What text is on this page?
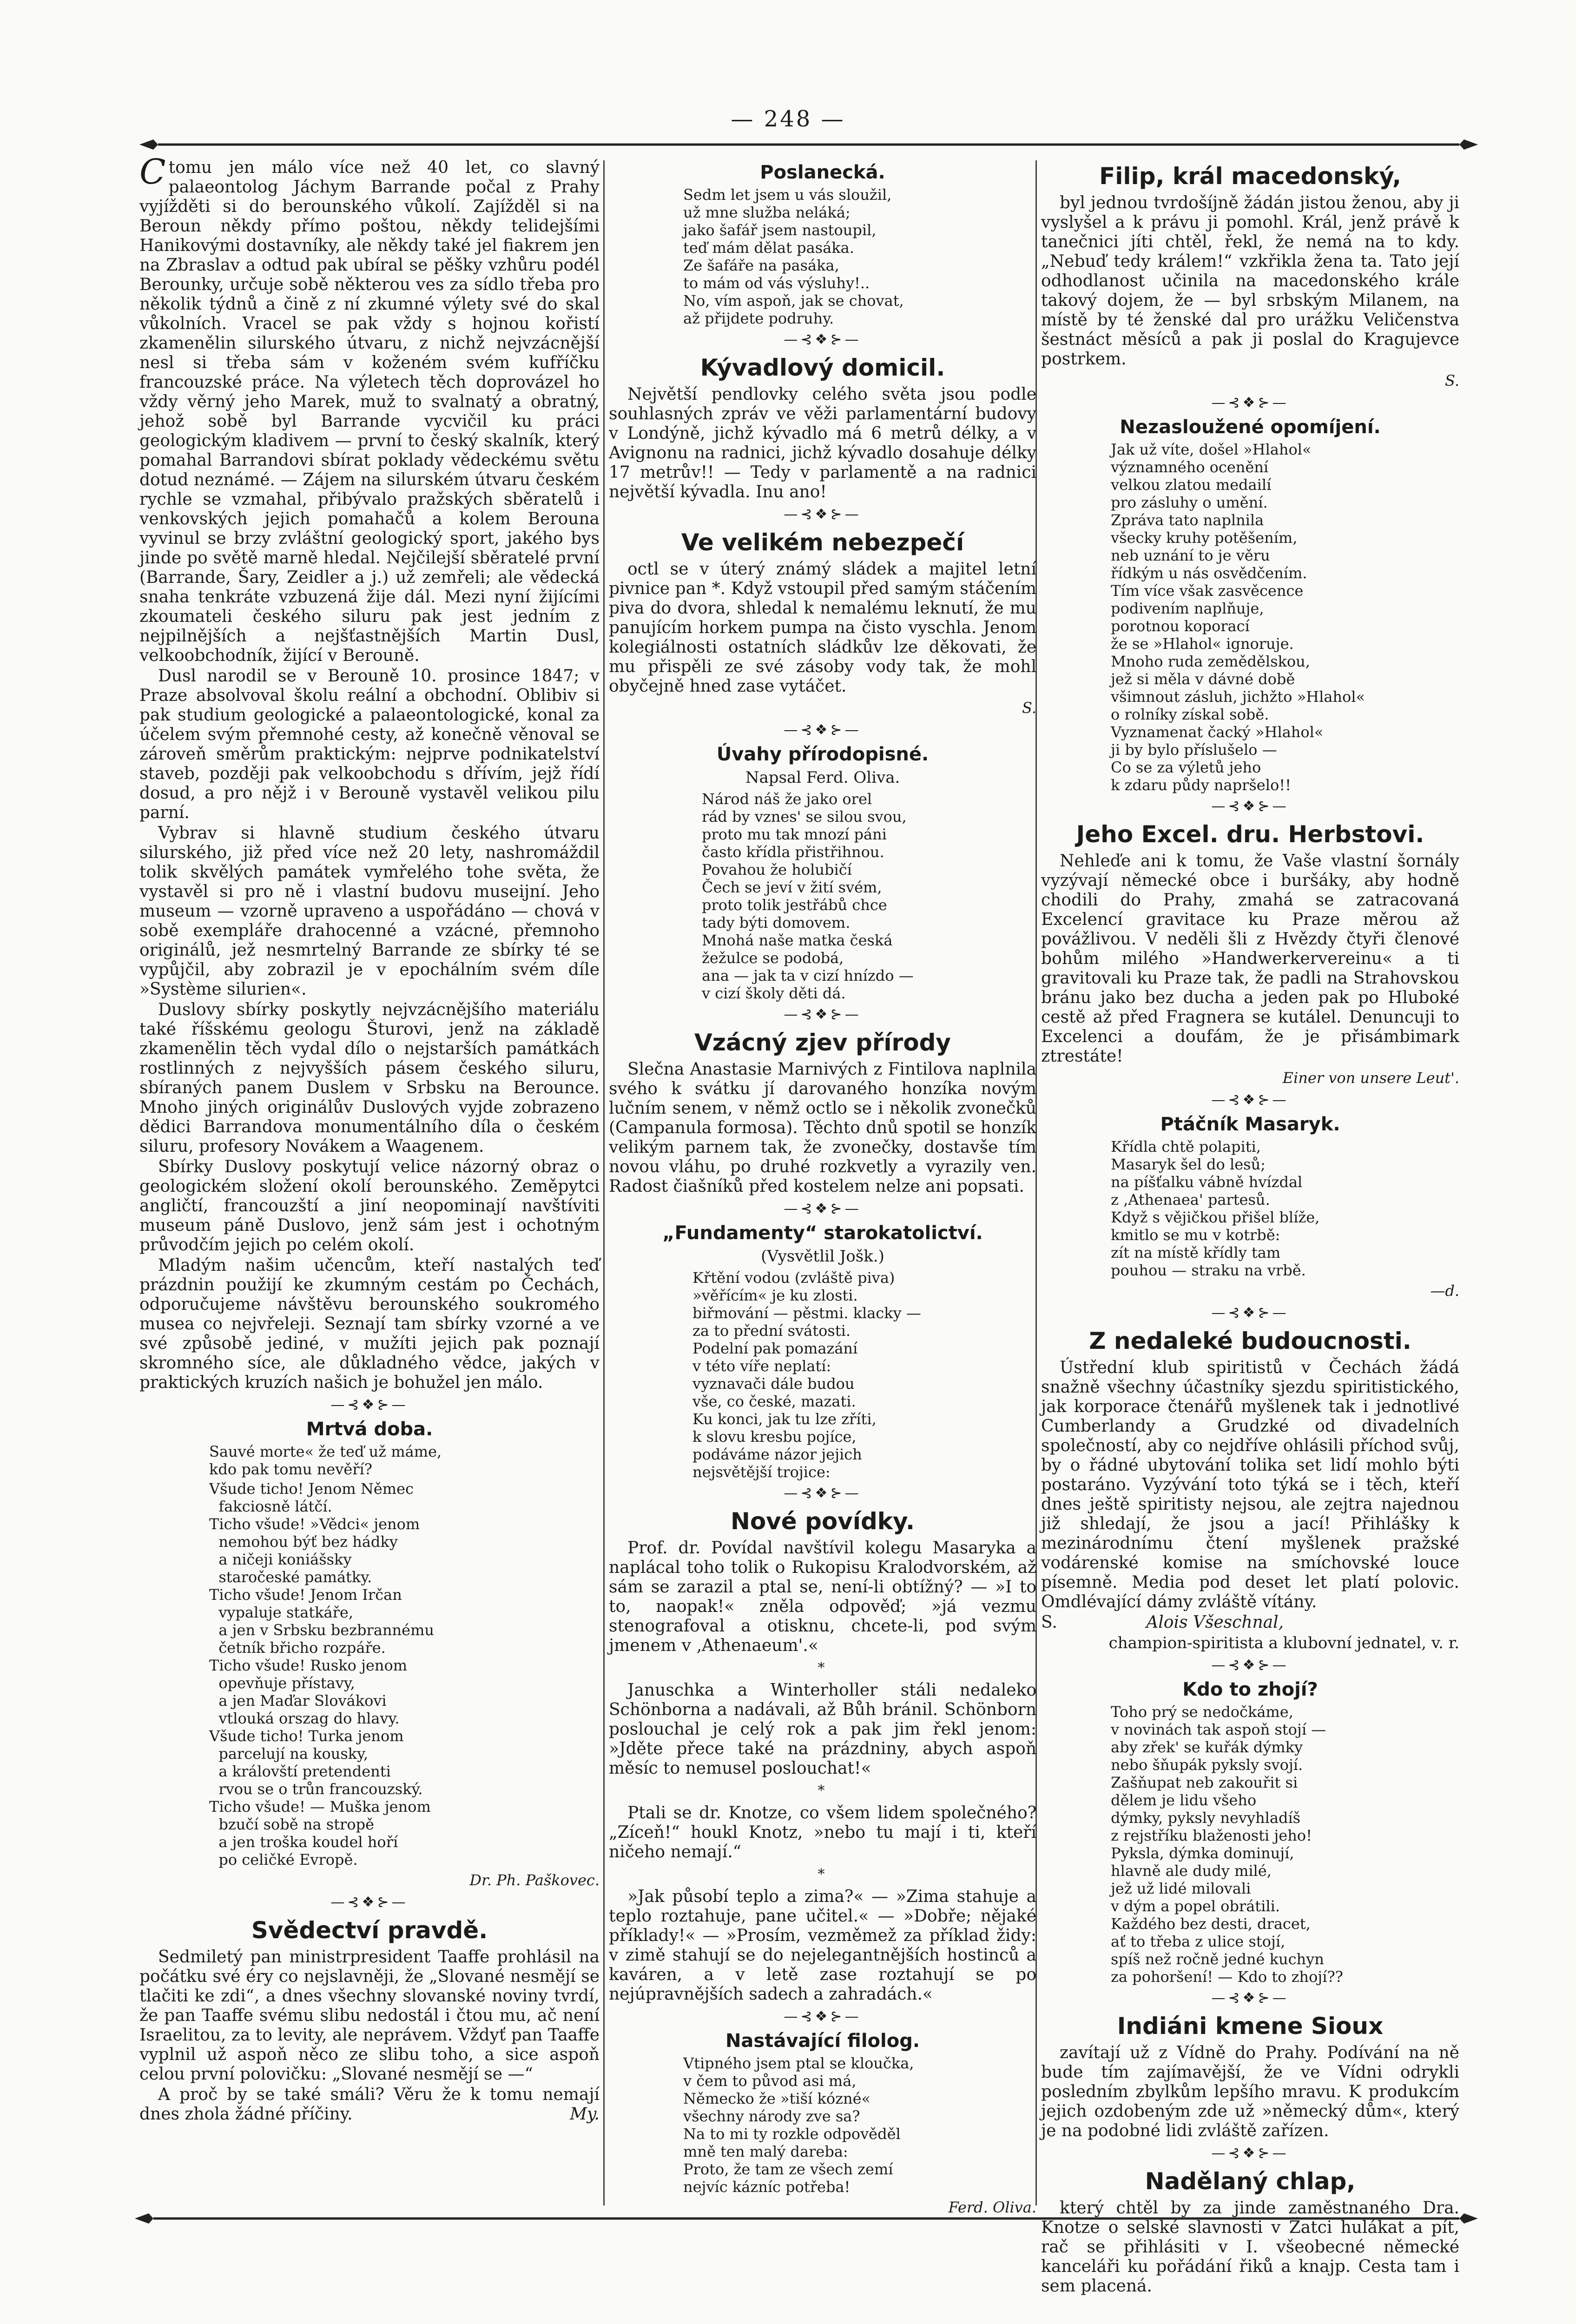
— 248 —

Ctomu jen málo více než 40 let, co slavný palaeontolog Jáchym Barrande počal z Prahy vyjížděti si do berounského vůkolí. Zajížděl si na Beroun někdy přímo poštou, někdy telidejšími Hanikovými dostavníky, ale někdy také jel fiakrem jen na Zbraslav a odtud pak ubíral se pěšky vzhůru podél Berounky, určuje sobě některou ves za sídlo třeba pro několik týdnů a čině z ní zkumné výlety své do skal vůkolních. Vracel se pak vždy s hojnou kořistí zkamenělin silurského útvaru, z nichž nejvzácnější nesl si třeba sám v koženém svém kufříčku francouzské práce. Na výletech těch doprovázel ho vždy věrný jeho Marek, muž to svalnatý a obratný, jehož sobě byl Barrande vycvičil ku práci geologickým kladivem — první to český skalník, který pomahal Barrandovi sbírat poklady vědeckému světu dotud neznámé. — Zájem na silurském útvaru českém rychle se vzmahal, přibývalo pražských sběratelů i venkovských jejich pomahačů a kolem Berouna vyvinul se brzy zvláštní geologický sport, jakého bys jinde po světě marně hledal. Nejčilejší sběratelé první (Barrande, Šary, Zeidler a j.) už zemřeli; ale vědecká snaha tenkráte vzbuzená žije dál. Mezi nyní žijícími zkoumateli českého siluru pak jest jedním z nejpilnějších a nejšťastnějších Martin Dusl, velkoobchodník, žijící v Berouně.

Dusl narodil se v Berouně 10. prosince 1847; v Praze absolvoval školu reální a obchodní. Oblibiv si pak studium geologické a palaeontologické, konal za účelem svým přemnohé cesty, až konečně věnoval se zároveň směrům praktickým: nejprve podnikatelství staveb, později pak velkoobchodu s dřívím, jejž řídí dosud, a pro nějž i v Berouně vystavěl velikou pilu parní.

Vybrav si hlavně studium českého útvaru silurského, již před více než 20 lety, nashromáždil tolik skvělých památek vymřelého tohe světa, že vystavěl si pro ně i vlastní budovu museijní. Jeho museum — vzorně upraveno a uspořádáno — chová v sobě exempláře drahocenné a vzácné, přemnoho originálů, jež nesmrtelný Barrande ze sbírky té se vypůjčil, aby zobrazil je v epochálním svém díle »Système silurien«.

Duslovy sbírky poskytly nejvzácnějšího materiálu také říšskému geologu Šturovi, jenž na základě zkamenělin těch vydal dílo o nejstarších památkách rostlinných z nejvyšších pásem českého siluru, sbíraných panem Duslem v Srbsku na Berounce. Mnoho jiných originálův Duslových vyjde zobrazeno dědici Barrandova monumentálního díla o českém siluru, profesory Novákem a Waagenem.

Sbírky Duslovy poskytují velice názorný obraz o geologickém složení okolí berounského. Zeměpytci angličtí, francouzští a jiní neopominají navštíviti museum páně Duslovo, jenž sám jest i ochotným průvodčím jejich po celém okolí.

Mladým našim učencům, kteří nastalých teď prázdnin použijí ke zkumným cestám po Čechách, odporučujeme návštěvu berounského soukromého musea co nejvřeleji. Seznají tam sbírky vzorné a ve své způsobě jediné, v mužíti jejich pak poznají skromného síce, ale důkladného vědce, jakých v praktických kruzích našich je bohužel jen málo.

—⊰❖⊱—
Mrtvá doba.
Sauvé morte« že teď už máme,
kdo pak tomu nevěří?
Všude ticho! Jenom Němec
fakciosně látčí.
Ticho všude! »Vědci« jenom
nemohou býť bez hádky
a ničeji koniášsky
staročeské památky.
Ticho všude! Jenom Irčan
vypaluje statkáře,
a jen v Srbsku bezbrannému
četník břicho rozpáře.
Ticho všude! Rusko jenom
opevňuje přístavy,
a jen Maďar Slovákovi
vtlouká orszag do hlavy.
Všude ticho! Turka jenom
parcelují na kousky,
a královští pretendenti
rvou se o trůn francouzský.
Ticho všude! — Muška jenom
bzučí sobě na stropě
a jen troška koudel hoří
po celičké Evropě.
Dr. Ph. Paškovec.
—⊰❖⊱—
Svědectví pravdě.

Sedmiletý pan ministrpresident Taaffe prohlásil na počátku své éry co nejslavněji, že „Slované nesmějí se tlačiti ke zdi“, a dnes všechny slovanské noviny tvrdí, že pan Taaffe svému slibu nedostál i čtou mu, ač není Israelitou, za to levity, ale neprávem. Vždyť pan Taaffe vyplnil už aspoň něco ze slibu toho, a sice aspoň celou první polovičku: „Slované nesmějí se —“

A proč by se také smáli? Věru že k tomu nemají dnes zhola žádné příčiny.	My.

Poslanecká.
Sedm let jsem u vás sloužil,
už mne služba neláká;
jako šafář jsem nastoupil,
teď mám dělat pasáka.
Ze šafáře na pasáka,
to mám od vás výsluhy!..
No, vím aspoň, jak se chovat,
až přijdete podruhy.
—⊰❖⊱—
Kývadlový domicil.

Největší pendlovky celého světa jsou podle souhlasných zpráv ve věži parlamentární budovy v Londýně, jichž kývadlo má 6 metrů délky, a v Avignonu na radnici, jichž kývadlo dosahuje délky 17 metrův!! — Tedy v parlamentě a na radnici největší kývadla. Inu ano!

—⊰❖⊱—
Ve velikém nebezpečí

octl se v úterý známý sládek a majitel letní pivnice pan *. Když vstoupil před samým stáčením piva do dvora, shledal k nemalému leknutí, že mu panujícím horkem pumpa na čisto vyschla. Jenom kolegiálnosti ostatních sládkův lze děkovati, že mu přispěli ze své zásoby vody tak, že mohl obyčejně hned zase vytáčet.

S.
—⊰❖⊱—
Úvahy přírodopisné.
Napsal Ferd. Oliva.
Národ náš že jako orel
rád by vznes' se silou svou,
proto mu tak mnozí páni
často křídla přistřihnou.
Povahou že holubičí
Čech se jeví v žití svém,
proto tolik jestřábů chce
tady býti domovem.
Mnohá naše matka česká
žežulce se podobá,
ana — jak ta v cizí hnízdo —
v cizí školy děti dá.
—⊰❖⊱—
Vzácný zjev přírody

Slečna Anastasie Marnivých z Fintilova naplnila svého k svátku jí darovaného honzíka novým lučním senem, v němž octlo se i několik zvonečků (Campanula formosa). Těchto dnů spotil se honzík velikým parnem tak, že zvonečky, dostavše tím novou vláhu, po druhé rozkvetly a vyrazily ven. Radost čiašníků před kostelem nelze ani popsati.

—⊰❖⊱—
„Fundamenty“ starokatolictví.
(Vysvětlil Jošk.)
Křtění vodou (zvláště piva)
»věřícím« je ku zlosti.
biřmování — pěstmi. klacky —
za to přední svátosti.
Podelní pak pomazání
v této víře neplatí:
vyznavači dále budou
vše, co české, mazati.
Ku konci, jak tu lze zříti,
k slovu kresbu pojíce,
podáváme názor jejich
nejsvětější trojice:
—⊰❖⊱—
Nové povídky.

Prof. dr. Povídal navštívil kolegu Masaryka a naplácal toho tolik o Rukopisu Kralodvorském, až sám se zarazil a ptal se, není-li obtížný? — »I to to, naopak!« zněla odpověď; »já vezmu stenografoval a otisknu, chcete-li, pod svým jmenem v ‚Athenaeum'.«

*

Januschka a Winterholler stáli nedaleko Schönborna a nadávali, až Bůh bránil. Schönborn poslouchal je celý rok a pak jim řekl jenom: »Jděte přece také na prázdniny, abych aspoň měsíc to nemusel poslouchat!«

*

Ptali se dr. Knotze, co všem lidem společného? „Zíceň!“ houkl Knotz, »nebo tu mají i ti, kteří ničeho nemají.“

*

»Jak působí teplo a zima?« — »Zima stahuje a teplo roztahuje, pane učitel.« — »Dobře; nějaké příklady!« — »Prosím, vezměmež za příklad židy: v zimě stahují se do nejelegantnějších hostinců a kaváren, a v letě zase roztahují se po nejúpravnějších sadech a zahradách.«

—⊰❖⊱—
Nastávající filolog.
Vtipného jsem ptal se kloučka,
v čem to původ asi má,
Německo že »tiší kózné«
všechny národy zve sa?
Na to mi ty rozkle odpověděl
mně ten malý dareba:
Proto, že tam ze všech zemí
nejvíc kázníc potřeba!
Ferd. Oliva.
Filip, král macedonský,

byl jednou tvrdošíjně žádán jistou ženou, aby ji vyslyšel a k právu ji pomohl. Král, jenž právě k tanečnici jíti chtěl, řekl, že nemá na to kdy. „Nebuď tedy králem!“ vzkřikla žena ta. Tato její odhodlanost učinila na macedonského krále takový dojem, že — byl srbským Milanem, na místě by té ženské dal pro urážku Veličenstva šestnáct měsíců a pak ji poslal do Kragujevce postrkem.

S.
—⊰❖⊱—
Nezasloužené opomíjení.
Jak už víte, došel »Hlahol«
významného ocenění
velkou zlatou medailí
pro zásluhy o umění.
Zpráva tato naplnila
všecky kruhy potěšením,
neb uznání to je věru
řídkým u nás osvědčením.
Tím více však zasvěcence
podivením naplňuje,
porotnou koporací
že se »Hlahol« ignoruje.
Mnoho ruda zemědělskou,
jež si měla v dávné době
všimnout zásluh, jichžto »Hlahol«
o rolníky získal sobě.
Vyznamenat čacký »Hlahol«
ji by bylo příslušelo —
Co se za výletů jeho
k zdaru půdy napršelo!!
—⊰❖⊱—
Jeho Excel. dru. Herbstovi.

Nehleďe ani k tomu, že Vaše vlastní šornály vyzývají německé obce i buršáky, aby hodně chodili do Prahy, zmahá se zatracovaná Excelencí gravitace ku Praze měrou až povážlivou. V neděli šli z Hvězdy čtyři členové bohům milého »Handwerkervereinu« a ti gravitovali ku Praze tak, že padli na Strahovskou bránu jako bez ducha a jeden pak po Hluboké cestě až před Fragnera se kutálel. Denuncuji to Excelenci a doufám, že je přisámbimark ztrestáte!

Einer von unsere Leut'.
—⊰❖⊱—
Ptáčník Masaryk.
Křídla chtě polapiti,
Masaryk šel do lesů;
na píšťalku vábně hvízdal
z ‚Athenaea' partesů.
Když s vějičkou přišel blíže,
kmitlo se mu v kotrbě:
zít na místě křídly tam
pouhou — straku na vrbě.
—d.
—⊰❖⊱—
Z nedaleké budoucnosti.

Ústřední klub spiritistů v Čechách žádá snažně všechny účastníky sjezdu spiritistického, jak korporace čtenářů myšlenek tak i jednotlivé Cumberlandy a Grudzké od divadelních společností, aby co nejdříve ohlásili příchod svůj, by o řádné ubytování tolika set lidí mohlo býti postaráno. Vyzývání toto týká se i těch, kteří dnes ještě spiritisty nejsou, ale zejtra najednou již shledají, že jsou a jací! Přihlášky k mezinárodnímu čtení myšlenek pražské vodárenské komise na smíchovské louce písemně. Media pod deset let platí polovic. Omdlévající dámy zvláště vítány.

S.	Alois Všeschnal,

champion-spiritista a klubovní jednatel, v. r.
—⊰❖⊱—
Kdo to zhojí?
Toho prý se nedočkáme,
v novinách tak aspoň stojí —
aby zřek' se kuřák dýmky
nebo šňupák pyksly svojí.
Zašňupat neb zakouřit si
dělem je lidu všeho
dýmky, pyksly nevyhladíš
z rejstříku blaženosti jeho!
Pyksla, dýmka dominují,
hlavně ale dudy milé,
jež už lidé milovali
v dým a popel obrátili.
Každého bez desti, dracet,
ať to třeba z ulice stojí,
spíš než ročně jedné kuchyn
za pohoršení! — Kdo to zhojí??
—⊰❖⊱—
Indiáni kmene Sioux

zavítají už z Vídně do Prahy. Podívání na ně bude tím zajímavější, že ve Vídni odrykli posledním zbylkům lepšího mravu. K produkcím jejich ozdobeným zde už »německý dům«, který je na podobné lidi zvláště zařízen.

—⊰❖⊱—
Nadělaný chlap,

který chtěl by za jinde zaměstnaného Dra. Knotze o selské slavnosti v Žatci hulákat a pít, rač se přihlásiti v I. všeobecné německé kanceláři ku pořádání řiků a knajp. Cesta tam i sem placená.
